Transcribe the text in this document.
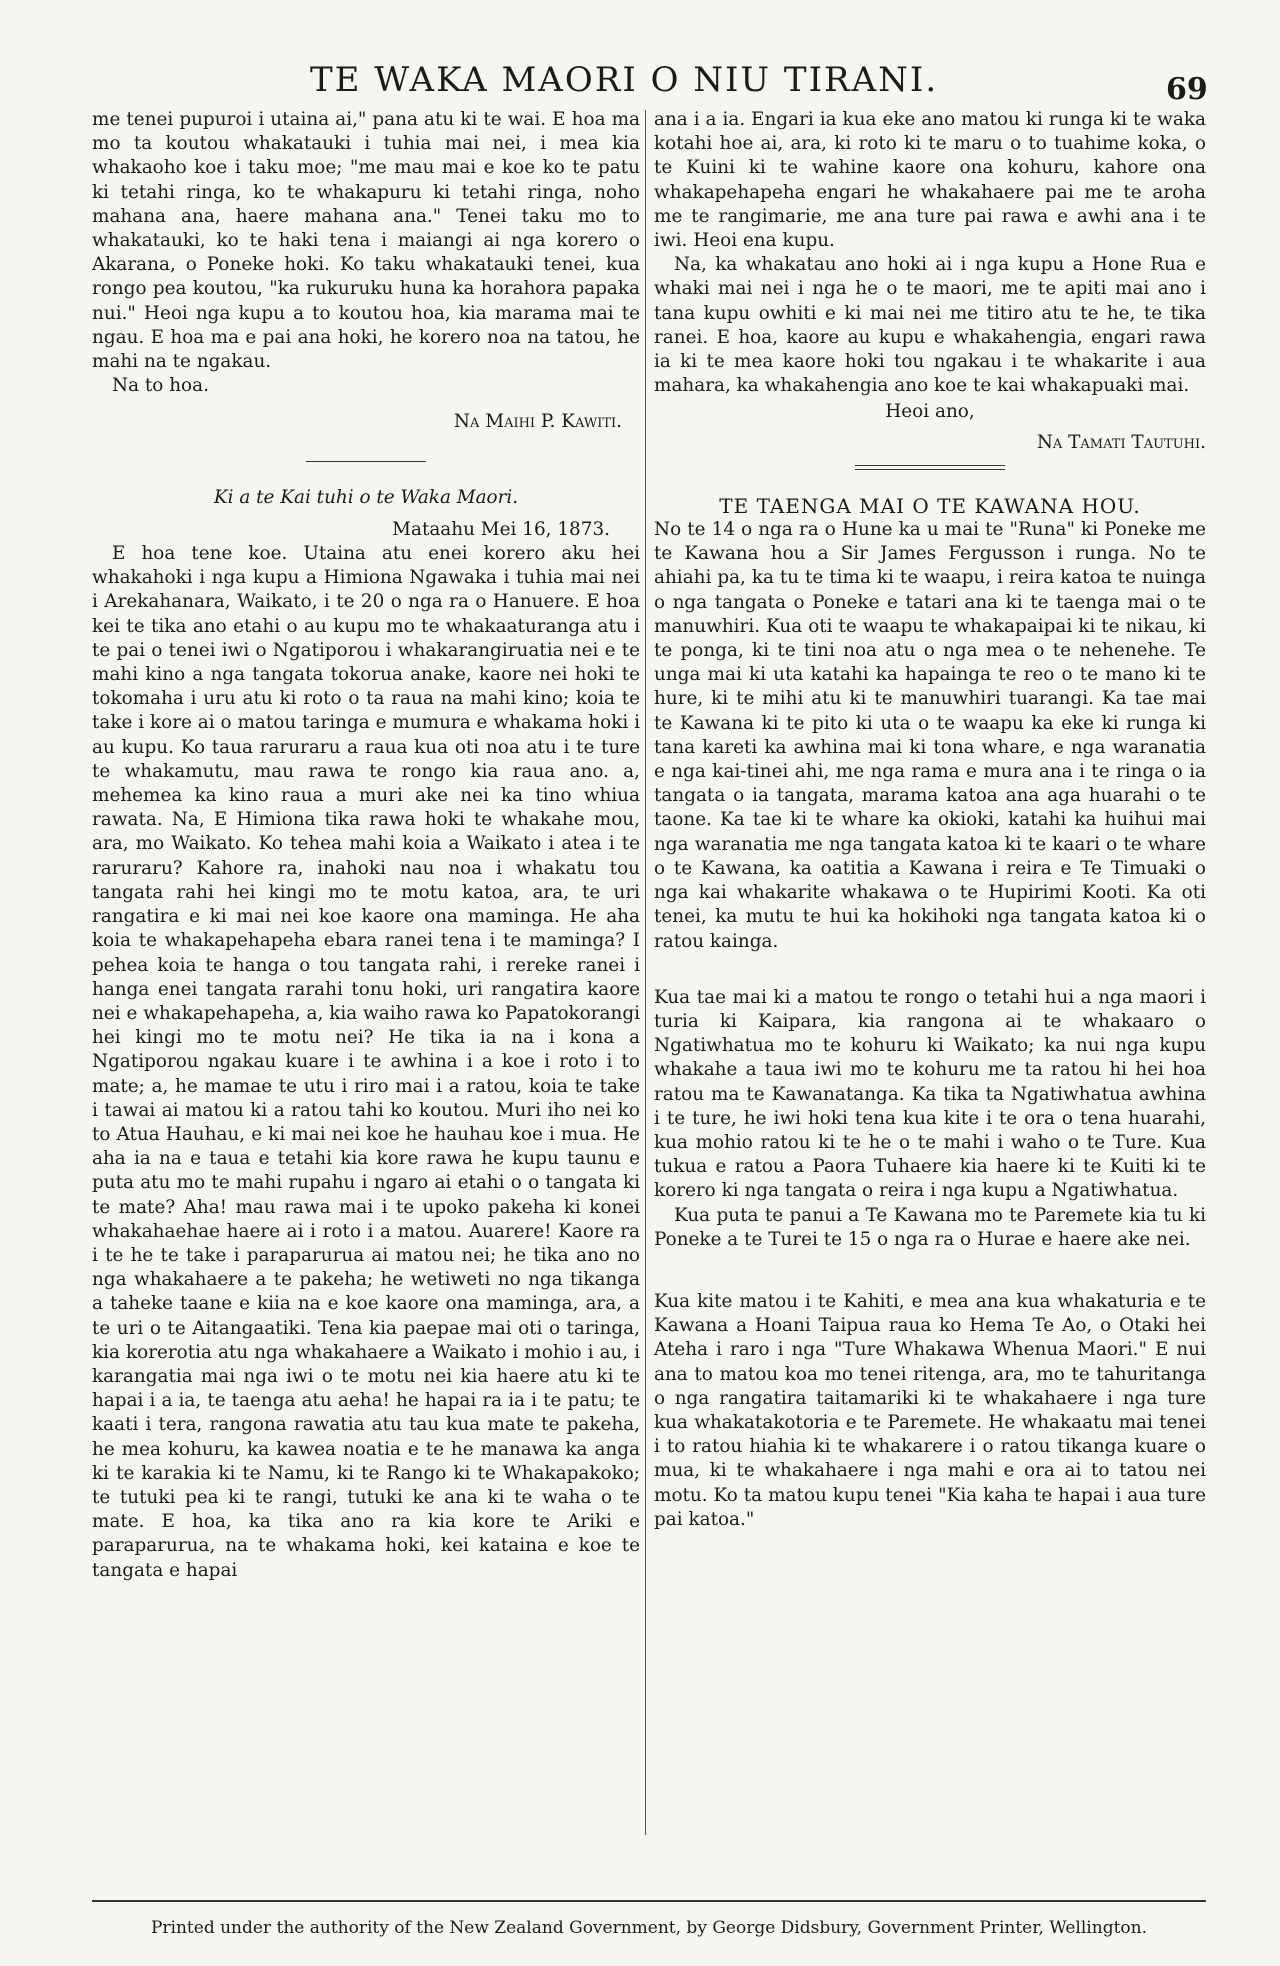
TE WAKA MAORI O NIU TIRANI.	69

me tenei pupuroi i utaina ai," pana atu ki te wai. E hoa ma mo ta koutou whakatauki i tuhia mai nei, i mea kia whakaoho koe i taku moe; "me mau mai e koe ko te patu ki tetahi ringa, ko te whakapuru ki tetahi ringa, noho mahana ana, haere mahana ana." Tenei taku mo to whakatauki, ko te haki tena i maiangi ai nga korero o Akarana, o Poneke hoki. Ko taku whakatauki tenei, kua rongo pea koutou, "ka rukuruku huna ka horahora papaka nui." Heoi nga kupu a to koutou hoa, kia marama mai te ngau. E hoa ma e pai ana hoki, he korero noa na tatou, he mahi na te ngakau.

Na to hoa.

Na Maihi P. Kawiti.

Ki a te Kai tuhi o te Waka Maori.

Mataahu Mei 16, 1873.

E hoa tene koe. Utaina atu enei korero aku hei whakahoki i nga kupu a Himiona Ngawaka i tuhia mai nei i Arekahanara, Waikato, i te 20 o nga ra o Hanuere. E hoa kei te tika ano etahi o au kupu mo te whakaaturanga atu i te pai o tenei iwi o Ngatiporou i whakarangiruatia nei e te mahi kino a nga tangata tokorua anake, kaore nei hoki te tokomaha i uru atu ki roto o ta raua na mahi kino; koia te take i kore ai o matou taringa e mumura e whakama hoki i au kupu. Ko taua raruraru a raua kua oti noa atu i te ture te whakamutu, mau rawa te rongo kia raua ano. a, mehemea ka kino raua a muri ake nei ka tino whiua rawata. Na, E Himiona tika rawa hoki te whakahe mou, ara, mo Waikato. Ko tehea mahi koia a Waikato i atea i te raruraru? Kahore ra, inahoki nau noa i whakatu tou tangata rahi hei kingi mo te motu katoa, ara, te uri rangatira e ki mai nei koe kaore ona maminga. He aha koia te whakapehapeha ebara ranei tena i te maminga? I pehea koia te hanga o tou tangata rahi, i rereke ranei i hanga enei tangata rarahi tonu hoki, uri rangatira kaore nei e whakapehapeha, a, kia waiho rawa ko Papatokorangi hei kingi mo te motu nei? He tika ia na i kona a Ngatiporou ngakau kuare i te awhina i a koe i roto i to mate; a, he mamae te utu i riro mai i a ratou, koia te take i tawai ai matou ki a ratou tahi ko koutou. Muri iho nei ko to Atua Hauhau, e ki mai nei koe he hauhau koe i mua. He aha ia na e taua e tetahi kia kore rawa he kupu taunu e puta atu mo te mahi rupahu i ngaro ai etahi o o tangata ki te mate? Aha! mau rawa mai i te upoko pakeha ki konei whakahaehae haere ai i roto i a matou. Auarere! Kaore ra i te he te take i paraparurua ai matou nei; he tika ano no nga whakahaere a te pakeha; he wetiweti no nga tikanga a taheke taane e kiia na e koe kaore ona maminga, ara, a te uri o te Aitangaatiki. Tena kia paepae mai oti o taringa, kia korerotia atu nga whakahaere a Waikato i mohio i au, i karangatia mai nga iwi o te motu nei kia haere atu ki te hapai i a ia, te taenga atu aeha! he hapai ra ia i te patu; te kaati i tera, rangona rawatia atu tau kua mate te pakeha, he mea kohuru, ka kawea noatia e te he manawa ka anga ki te karakia ki te Namu, ki te Rango ki te Whakapakoko; te tutuki pea ki te rangi, tutuki ke ana ki te waha o te mate. E hoa, ka tika ano ra kia kore te Ariki e paraparurua, na te whakama hoki, kei kataina e koe te tangata e hapai

ana i a ia. Engari ia kua eke ano matou ki runga ki te waka kotahi hoe ai, ara, ki roto ki te maru o to tuahime koka, o te Kuini ki te wahine kaore ona kohuru, kahore ona whakapehapeha engari he whakahaere pai me te aroha me te rangimarie, me ana ture pai rawa e awhi ana i te iwi. Heoi ena kupu.

Na, ka whakatau ano hoki ai i nga kupu a Hone Rua e whaki mai nei i nga he o te maori, me te apiti mai ano i tana kupu owhiti e ki mai nei me titiro atu te he, te tika ranei. E hoa, kaore au kupu e whakahengia, engari rawa ia ki te mea kaore hoki tou ngakau i te whakarite i aua mahara, ka whakahengia ano koe te kai whakapuaki mai.

Heoi ano,

Na Tamati Tautuhi.

TE TAENGA MAI O TE KAWANA HOU.

No te 14 o nga ra o Hune ka u mai te "Runa" ki Poneke me te Kawana hou a Sir James Fergusson i runga. No te ahiahi pa, ka tu te tima ki te waapu, i reira katoa te nuinga o nga tangata o Poneke e tatari ana ki te taenga mai o te manuwhiri. Kua oti te waapu te whakapaipai ki te nikau, ki te ponga, ki te tini noa atu o nga mea o te nehenehe. Te unga mai ki uta katahi ka hapainga te reo o te mano ki te hure, ki te mihi atu ki te manuwhiri tuarangi. Ka tae mai te Kawana ki te pito ki uta o te waapu ka eke ki runga ki tana kareti ka awhina mai ki tona whare, e nga waranatia e nga kai-tinei ahi, me nga rama e mura ana i te ringa o ia tangata o ia tangata, marama katoa ana aga huarahi o te taone. Ka tae ki te whare ka okioki, katahi ka huihui mai nga waranatia me nga tangata katoa ki te kaari o te whare o te Kawana, ka oatitia a Kawana i reira e Te Timuaki o nga kai whakarite whakawa o te Hupirimi Kooti. Ka oti tenei, ka mutu te hui ka hokihoki nga tangata katoa ki o ratou kainga.

Kua tae mai ki a matou te rongo o tetahi hui a nga maori i turia ki Kaipara, kia rangona ai te whakaaro o Ngatiwhatua mo te kohuru ki Waikato; ka nui nga kupu whakahe a taua iwi mo te kohuru me ta ratou hi hei hoa ratou ma te Kawanatanga. Ka tika ta Ngatiwhatua awhina i te ture, he iwi hoki tena kua kite i te ora o tena huarahi, kua mohio ratou ki te he o te mahi i waho o te Ture. Kua tukua e ratou a Paora Tuhaere kia haere ki te Kuiti ki te korero ki nga tangata o reira i nga kupu a Ngatiwhatua.

Kua puta te panui a Te Kawana mo te Paremete kia tu ki Poneke a te Turei te 15 o nga ra o Hurae e haere ake nei.

Kua kite matou i te Kahiti, e mea ana kua whakaturia e te Kawana a Hoani Taipua raua ko Hema Te Ao, o Otaki hei Ateha i raro i nga "Ture Whakawa Whenua Maori." E nui ana to matou koa mo tenei ritenga, ara, mo te tahuritanga o nga rangatira taitamariki ki te whakahaere i nga ture kua whakatakotoria e te Paremete. He whakaatu mai tenei i to ratou hiahia ki te whakarere i o ratou tikanga kuare o mua, ki te whakahaere i nga mahi e ora ai to tatou nei motu. Ko ta matou kupu tenei "Kia kaha te hapai i aua ture pai katoa."

Printed under the authority of the New Zealand Government, by George Didsbury, Government Printer, Wellington.
